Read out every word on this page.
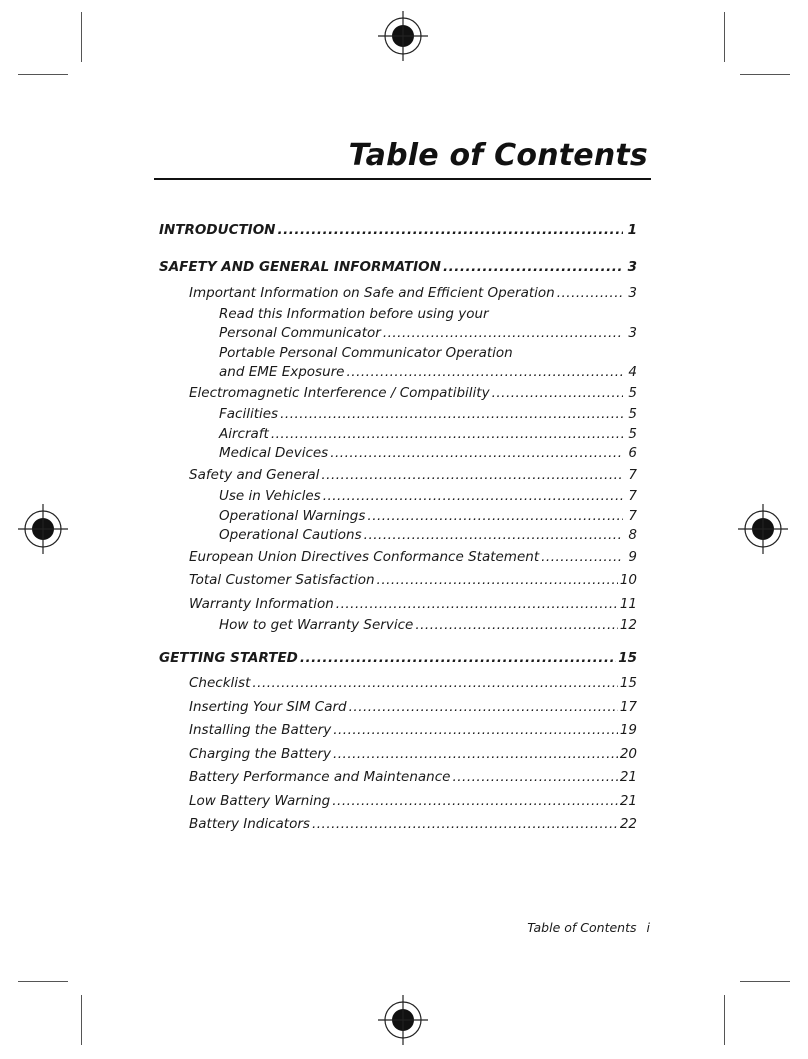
Table of Contents
INTRODUCTION .....	1
SAFETY AND GENERAL INFORMATION .....	3
Important Information on Safe and Efficient Operation .....	3
Read this Information before using your
Personal Communicator .....	3
Portable Personal Communicator Operation
and EME Exposure .....	4
Electromagnetic Interference / Compatibility .....	5
Facilities .....	5
Aircraft .....	5
Medical Devices .....	6
Safety and General .....	7
Use in Vehicles .....	7
Operational Warnings .....	7
Operational Cautions .....	8
European Union Directives Conformance Statement .....	9
Total Customer Satisfaction .....	10
Warranty Information .....	11
How to get Warranty Service .....	12
GETTING STARTED .....	15
Checklist .....	15
Inserting Your SIM Card .....	17
Installing the Battery .....	19
Charging the Battery .....	20
Battery Performance and Maintenance .....	21
Low Battery Warning .....	21
Battery Indicators .....	22
Table of Contents i
